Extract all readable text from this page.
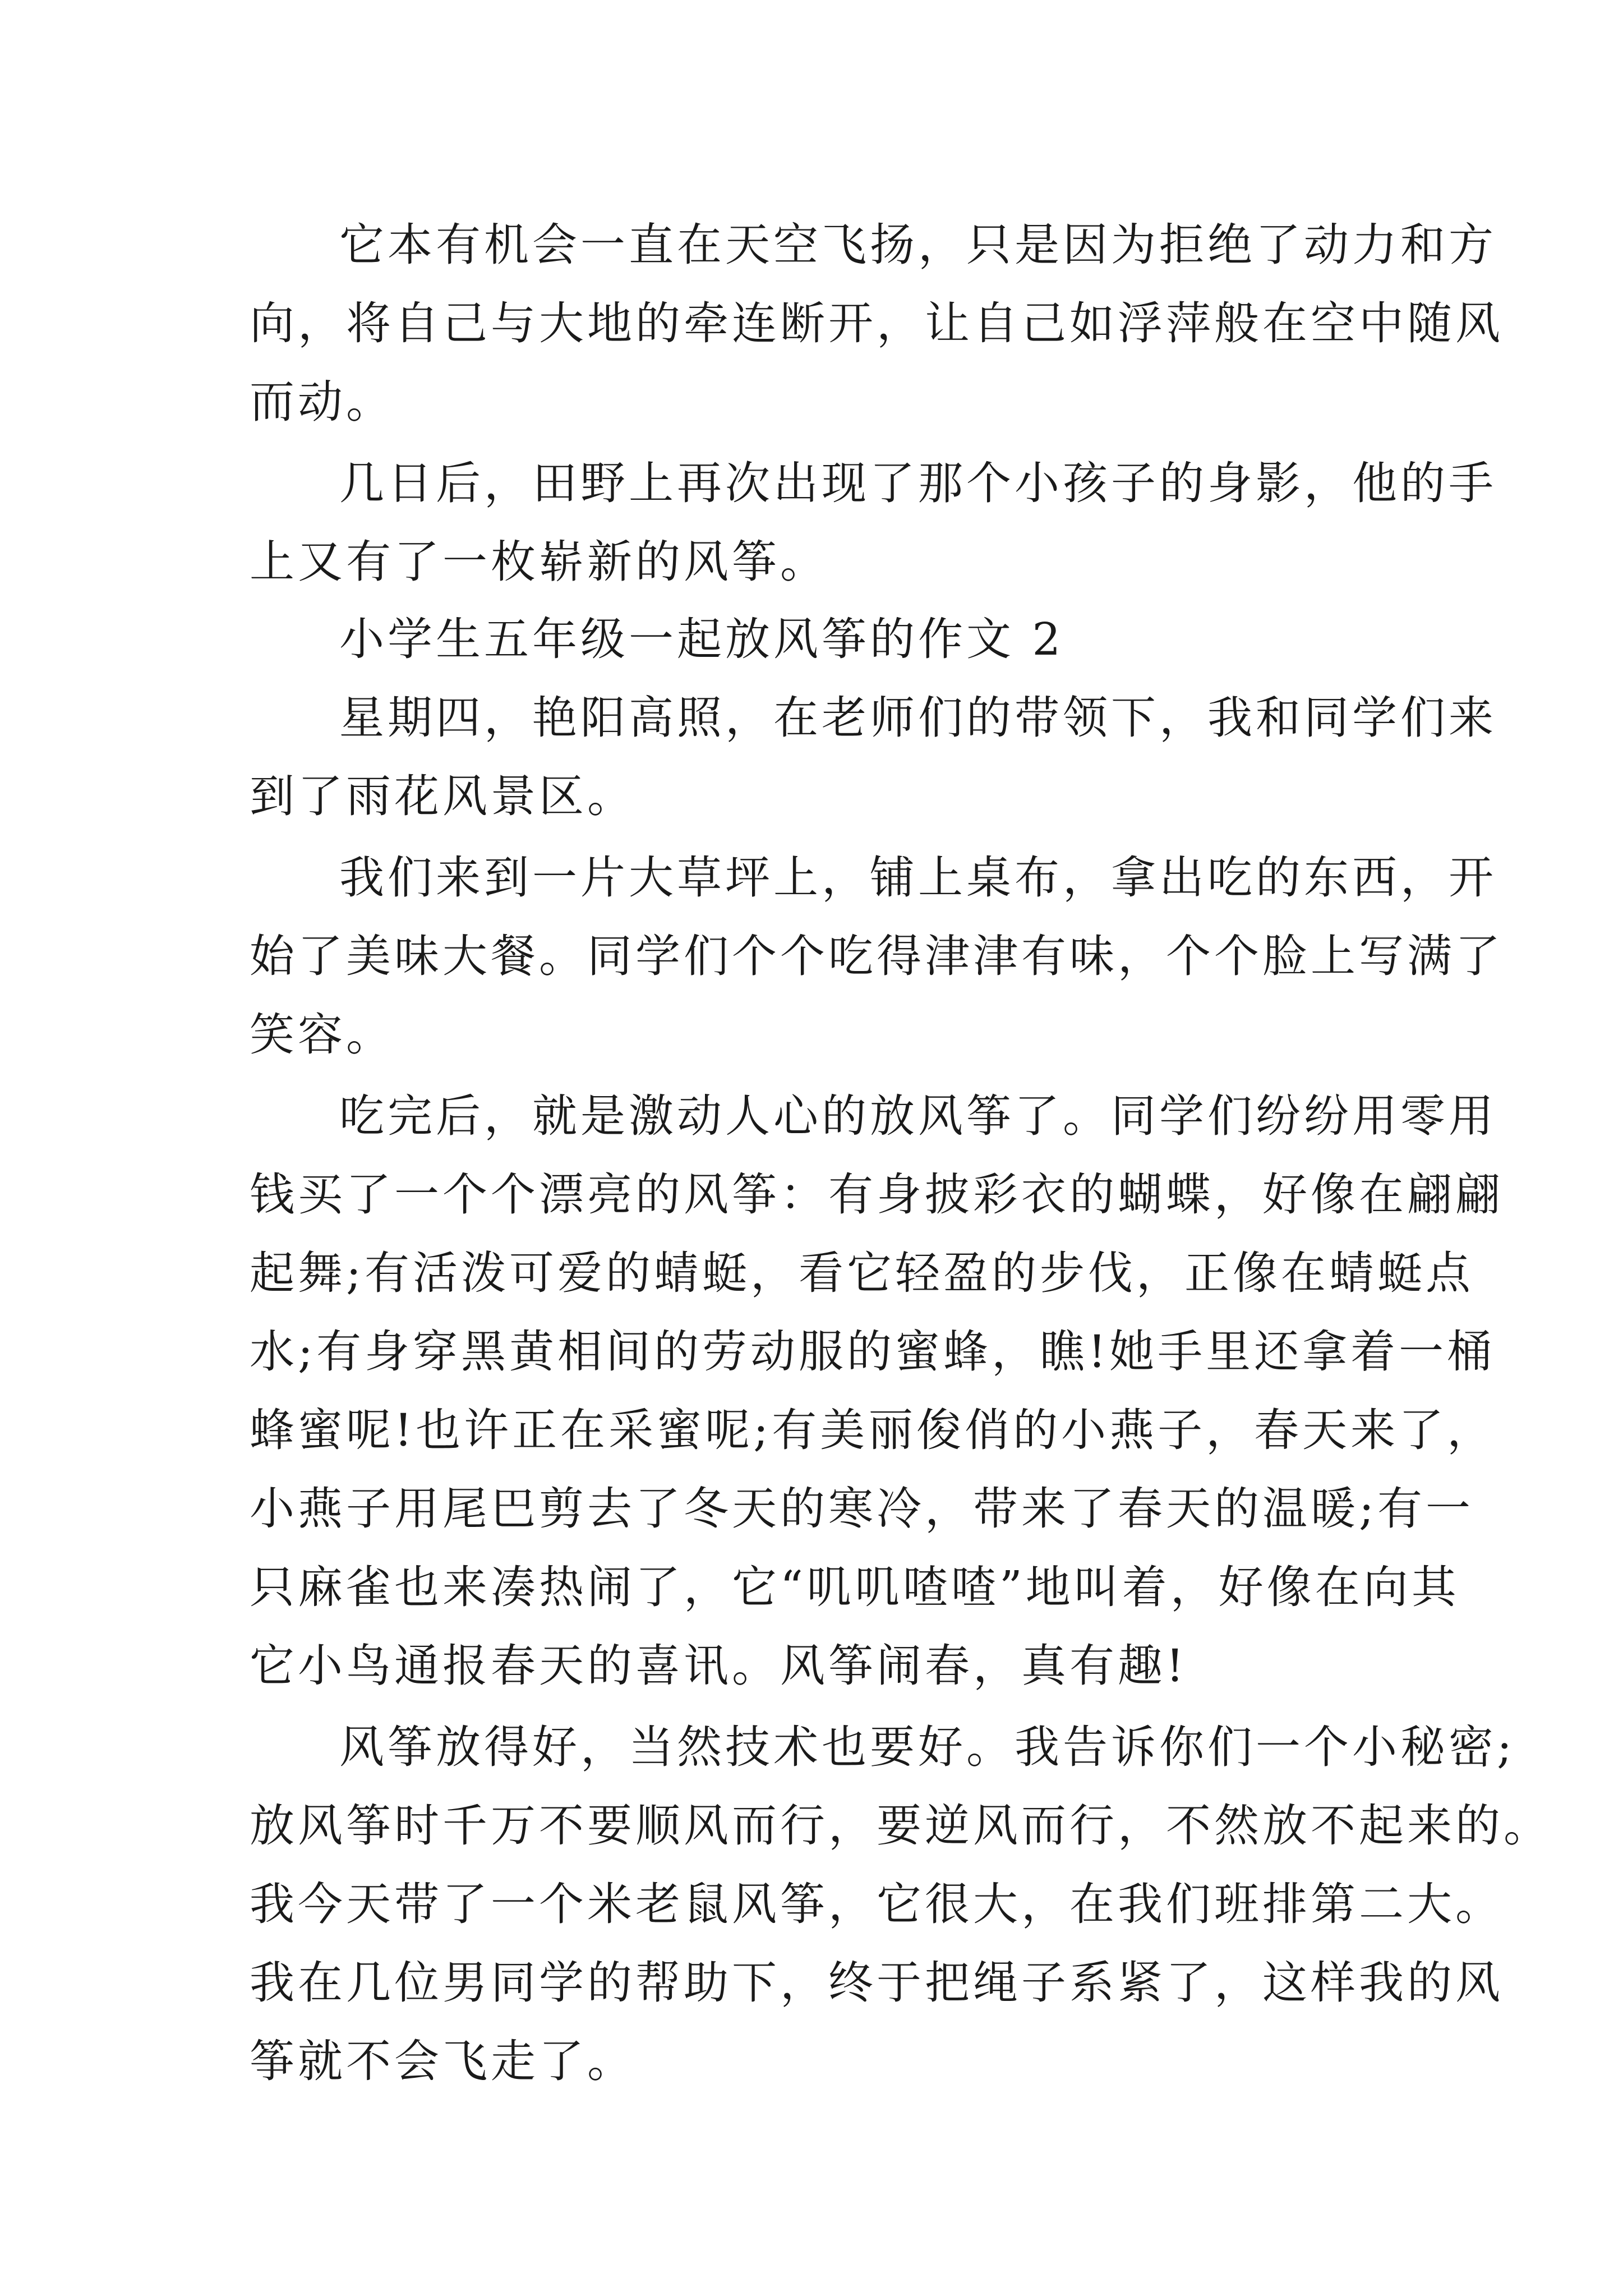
它本有机会一直在天空飞扬，只是因为拒绝了动力和方
向，将自己与大地的牵连断开，让自己如浮萍般在空中随风
而动。
几日后，田野上再次出现了那个小孩子的身影，他的手
上又有了一枚崭新的风筝。
小学生五年级一起放风筝的作文 2
星期四，艳阳高照，在老师们的带领下，我和同学们来
到了雨花风景区。
我们来到一片大草坪上，铺上桌布，拿出吃的东西，开
始了美味大餐。同学们个个吃得津津有味，个个脸上写满了
笑容。
吃完后，就是激动人心的放风筝了。同学们纷纷用零用
钱买了一个个漂亮的风筝：有身披彩衣的蝴蝶，好像在翩翩
起舞;有活泼可爱的蜻蜓，看它轻盈的步伐，正像在蜻蜓点
水;有身穿黑黄相间的劳动服的蜜蜂，瞧!她手里还拿着一桶
蜂蜜呢!也许正在采蜜呢;有美丽俊俏的小燕子，春天来了，
小燕子用尾巴剪去了冬天的寒冷，带来了春天的温暖;有一
只麻雀也来凑热闹了，它“叽叽喳喳”地叫着，好像在向其
它小鸟通报春天的喜讯。风筝闹春，真有趣!
风筝放得好，当然技术也要好。我告诉你们一个小秘密;
放风筝时千万不要顺风而行，要逆风而行，不然放不起来的。
我今天带了一个米老鼠风筝，它很大，在我们班排第二大。
我在几位男同学的帮助下，终于把绳子系紧了，这样我的风
筝就不会飞走了。
